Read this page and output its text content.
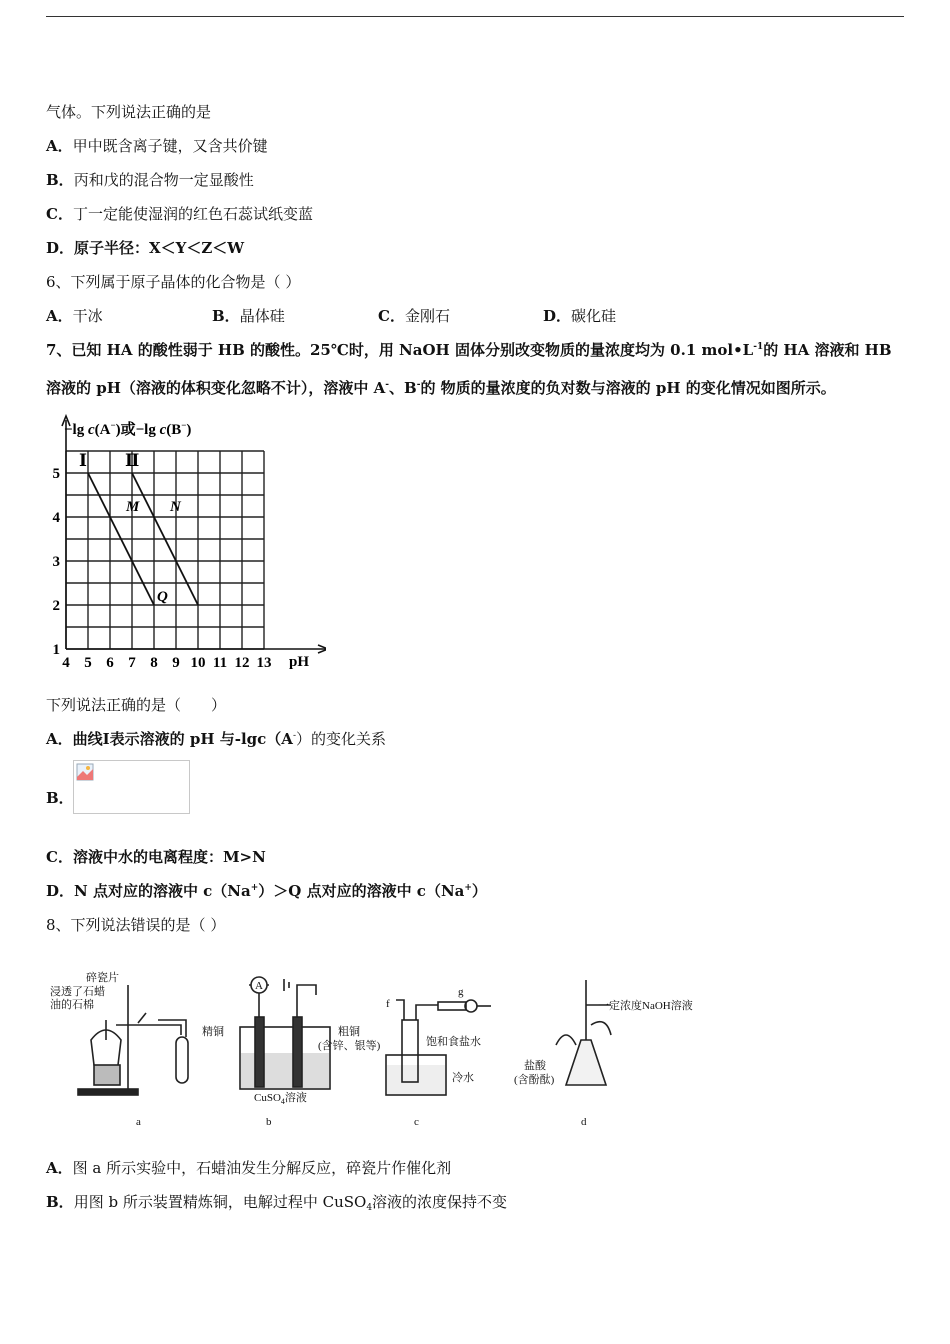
气体。下列说法正确的是
A．甲中既含离子键，又含共价键
B．丙和戊的混合物一定显酸性
C．丁一定能使湿润的红色石蕊试纸变蓝
D．原子半径：X＜Y＜Z＜W
6、下列属于原子晶体的化合物是（ ）
A．干冰	B．晶体硅	C．金刚石	D．碳化硅
7、已知 HA 的酸性弱于 HB 的酸性。25℃时，用 NaOH 固体分别改变物质的量浓度均为 0.1 $mol•L^{-1}$的 HA 溶液和 HB
溶液的 pH（溶液的体积变化忽略不计），溶液中 A-、B-的 物质的量浓度的负对数与溶液的 pH 的变化情况如图所示。
Ⅰ Ⅱ
4 5 6 7 8 9 10 11 12 13
1
2
3
4
5
M N
Q
−lg c(A−)或−lg c(B−)
pH
下列说法正确的是（　　）
A．曲线Ⅰ表示溶液的 pH 与-lgc（A-）的变化关系
B．
C．溶液中水的电离程度：M>N
D．N 点对应的溶液中 c（Na+）＞Q 点对应的溶液中 c（Na+）
8、下列说法错误的是（ ）
碎瓷片
浸透了石蜡
油的石棉
精铜	粗铜
(含锌、银等)
A
CuSO$_4$溶液
f
g
饱和食盐水
冷水
一定浓度NaOH溶液
盐酸
(含酚酞)
a	b	c	d
A．图 a 所示实验中，石蜡油发生分解反应，碎瓷片作催化剂
B．用图 b 所示装置精炼铜，电解过程中 CuSO$_4$溶液的浓度保持不变
